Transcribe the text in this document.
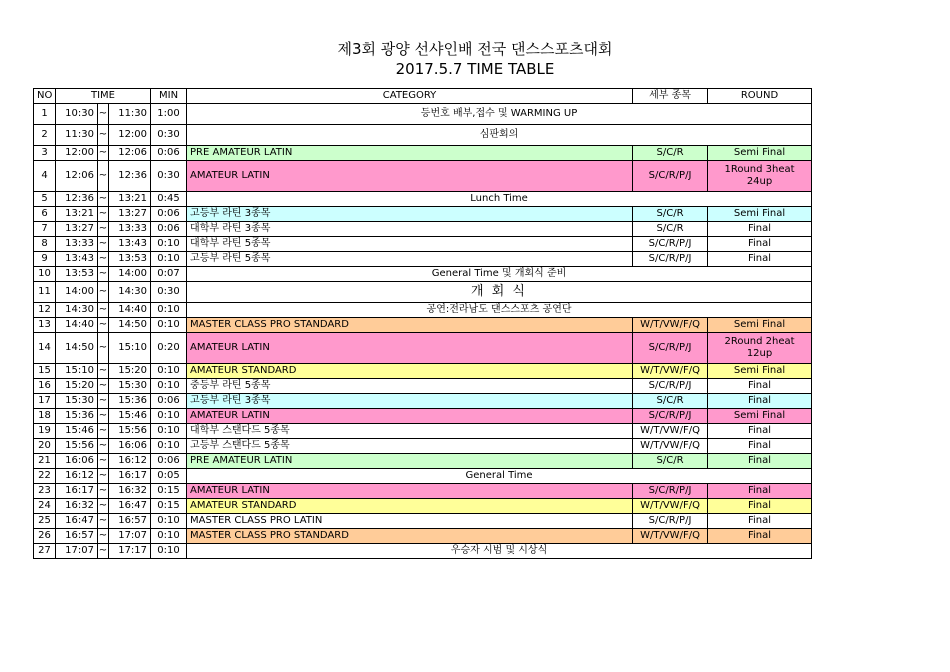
제3회 광양 선샤인배 전국 댄스스포츠대회
2017.5.7 TIME TABLE
NO	TIME			MIN	CATEGORY	세부 종목	ROUND
1	10:30	~	11:30	1:00	등번호 배부,접수 및 WARMING UP		
2	11:30	~	12:00	0:30	심판회의		
3	12:00	~	12:06	0:06	PRE AMATEUR LATIN	S/C/R	Semi Final
4	12:06	~	12:36	0:30	AMATEUR LATIN	S/C/R/P/J	1Round 3heat 24up
5	12:36	~	13:21	0:45	Lunch Time		
6	13:21	~	13:27	0:06	고등부 라틴 3종목	S/C/R	Semi Final
7	13:27	~	13:33	0:06	대학부 라틴 3종목	S/C/R	Final
8	13:33	~	13:43	0:10	대학부 라틴 5종목	S/C/R/P/J	Final
9	13:43	~	13:53	0:10	고등부 라틴 5종목	S/C/R/P/J	Final
10	13:53	~	14:00	0:07	General Time 및 개회식 준비		
11	14:00	~	14:30	0:30	개 회 식		
12	14:30	~	14:40	0:10	공연:전라남도 댄스스포츠 공연단		
13	14:40	~	14:50	0:10	MASTER CLASS PRO STANDARD	W/T/VW/F/Q	Semi Final
14	14:50	~	15:10	0:20	AMATEUR LATIN	S/C/R/P/J	2Round 2heat 12up
15	15:10	~	15:20	0:10	AMATEUR STANDARD	W/T/VW/F/Q	Semi Final
16	15:20	~	15:30	0:10	중등부 라틴 5종목	S/C/R/P/J	Final
17	15:30	~	15:36	0:06	고등부 라틴 3종목	S/C/R	Final
18	15:36	~	15:46	0:10	AMATEUR LATIN	S/C/R/P/J	Semi Final
19	15:46	~	15:56	0:10	대학부 스탠다드 5종목	W/T/VW/F/Q	Final
20	15:56	~	16:06	0:10	고등부 스탠다드 5종목	W/T/VW/F/Q	Final
21	16:06	~	16:12	0:06	PRE AMATEUR LATIN	S/C/R	Final
22	16:12	~	16:17	0:05	General Time		
23	16:17	~	16:32	0:15	AMATEUR LATIN	S/C/R/P/J	Final
24	16:32	~	16:47	0:15	AMATEUR STANDARD	W/T/VW/F/Q	Final
25	16:47	~	16:57	0:10	MASTER CLASS PRO LATIN	S/C/R/P/J	Final
26	16:57	~	17:07	0:10	MASTER CLASS PRO STANDARD	W/T/VW/F/Q	Final
27	17:07	~	17:17	0:10	우승자 시범 및 시상식		
